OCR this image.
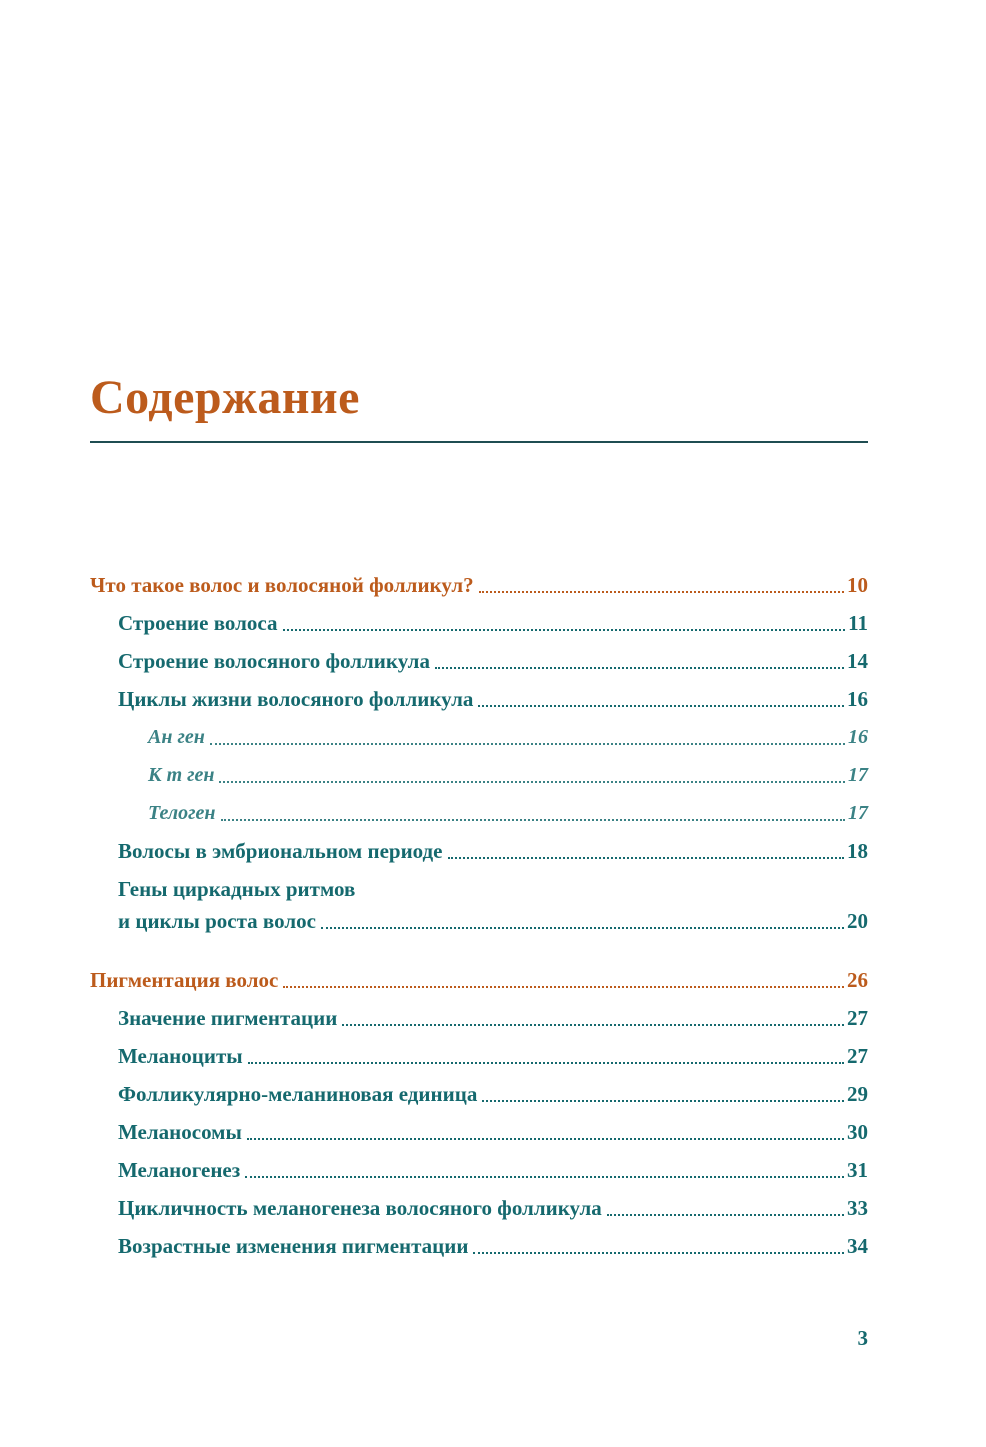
Содержание
Что такое волос и волосяной фолликул?	10
Строение волоса	11
Строение волосяного фолликула	14
Циклы жизни волосяного фолликула	16
Ан ген	16
К т ген	17
Телоген	17
Волосы в эмбриональном периоде	18
Гены циркадных ритмов
и циклы роста волос	20
Пигментация волос	26
Значение пигментации	27
Меланоциты	27
Фолликулярно-меланиновая единица	29
Меланосомы	30
Меланогенез	31
Цикличность меланогенеза волосяного фолликула	33
Возрастные изменения пигментации	34
3
